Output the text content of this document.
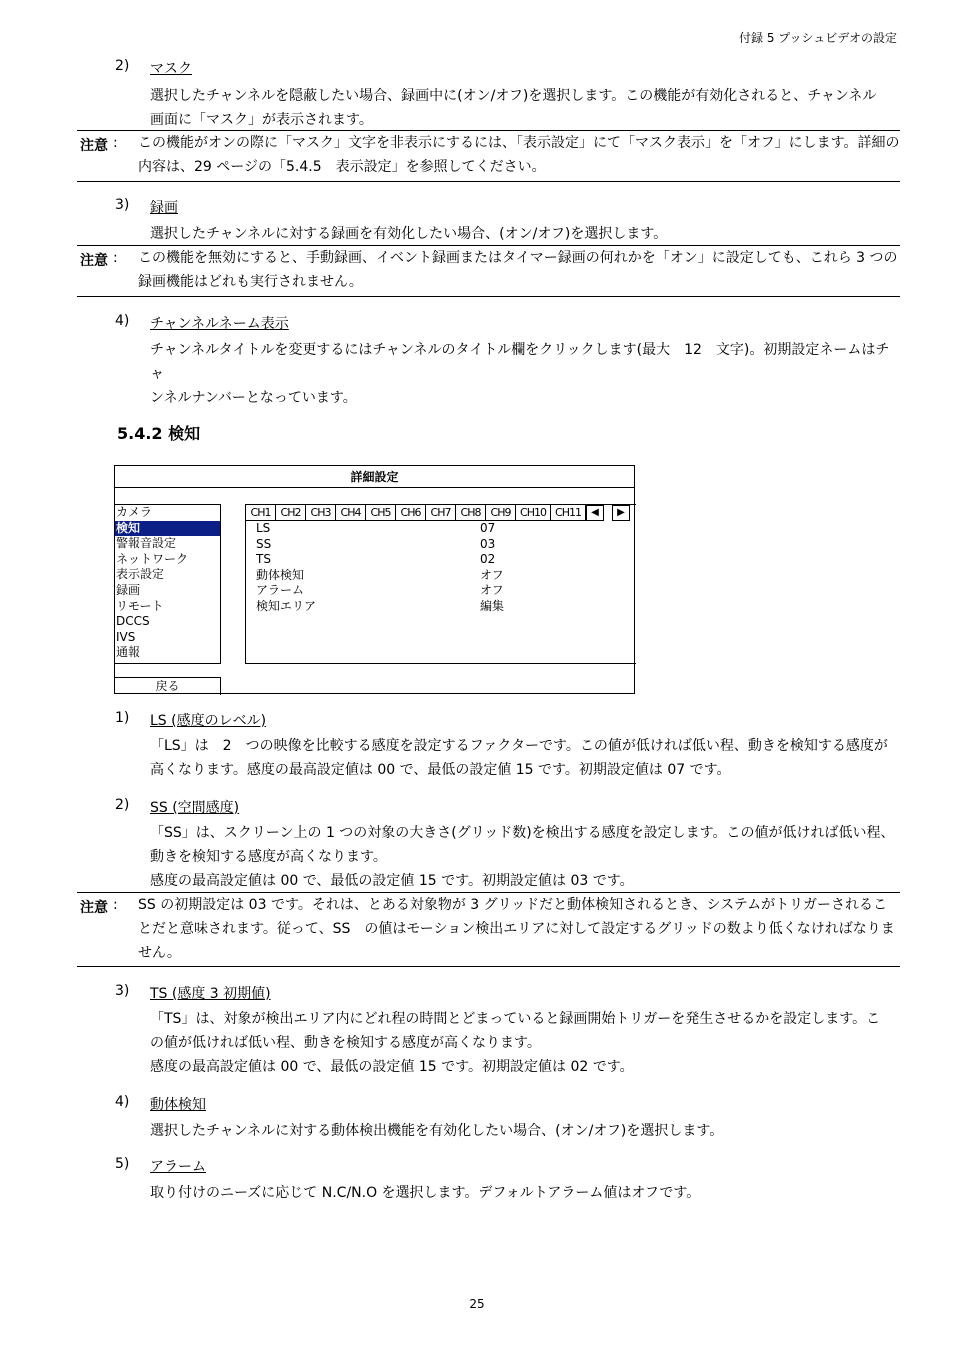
付録 5 プッシュビデオの設定
2) マスク
選択したチャンネルを隠蔽したい場合、録画中に(オン/オフ)を選択します。この機能が有効化されると、チャンネル
画面に「マスク」が表示されます。
注意 : この機能がオンの際に「マスク」文字を非表示にするには、「表示設定」にて「マスク表示」を「オフ」にします。詳細の
内容は、29 ページの「5.4.5　表示設定」を参照してください。
3) 録画
選択したチャンネルに対する録画を有効化したい場合、(オン/オフ)を選択します。
注意 : この機能を無効にすると、手動録画、イベント録画またはタイマー録画の何れかを「オン」に設定しても、これら 3 つの
録画機能はどれも実行されません。
4) チャンネルネーム表示
チャンネルタイトルを変更するにはチャンネルのタイトル欄をクリックします(最大　12　文字)。初期設定ネームはチャ
ンネルナンバーとなっています。
5.4.2 検知
詳細設定
カメラ
検知
警報音設定
ネットワーク
表示設定
録画
リモート
DCCS
IVS
通報
CH1 CH2 CH3 CH4 CH5 CH6 CH7 CH8 CH9 CH10 CH11	◀	▶
LS	07
SS	03
TS	02
動体検知	オフ
アラーム	オフ
検知エリア	編集
戻る
1) LS (感度のレベル)
「LS」は　2　つの映像を比較する感度を設定するファクターです。この値が低ければ低い程、動きを検知する感度が
高くなります。感度の最高設定値は 00 で、最低の設定値 15 です。初期設定値は 07 です。
2) SS (空間感度)
「SS」は、スクリーン上の 1 つの対象の大きさ(グリッド数)を検出する感度を設定します。この値が低ければ低い程、
動きを検知する感度が高くなります。
感度の最高設定値は 00 で、最低の設定値 15 です。初期設定値は 03 です。
注意 : SS の初期設定は 03 です。それは、とある対象物が 3 グリッドだと動体検知されるとき、システムがトリガーされるこ
とだと意味されます。従って、SS　の値はモーション検出エリアに対して設定するグリッドの数より低くなければなりま
せん。
3) TS (感度 3 初期値)
「TS」は、対象が検出エリア内にどれ程の時間とどまっていると録画開始トリガーを発生させるかを設定します。こ
の値が低ければ低い程、動きを検知する感度が高くなります。
感度の最高設定値は 00 で、最低の設定値 15 です。初期設定値は 02 です。
4) 動体検知
選択したチャンネルに対する動体検出機能を有効化したい場合、(オン/オフ)を選択します。
5) アラーム
取り付けのニーズに応じて N.C/N.O を選択します。デフォルトアラーム値はオフです。
25
